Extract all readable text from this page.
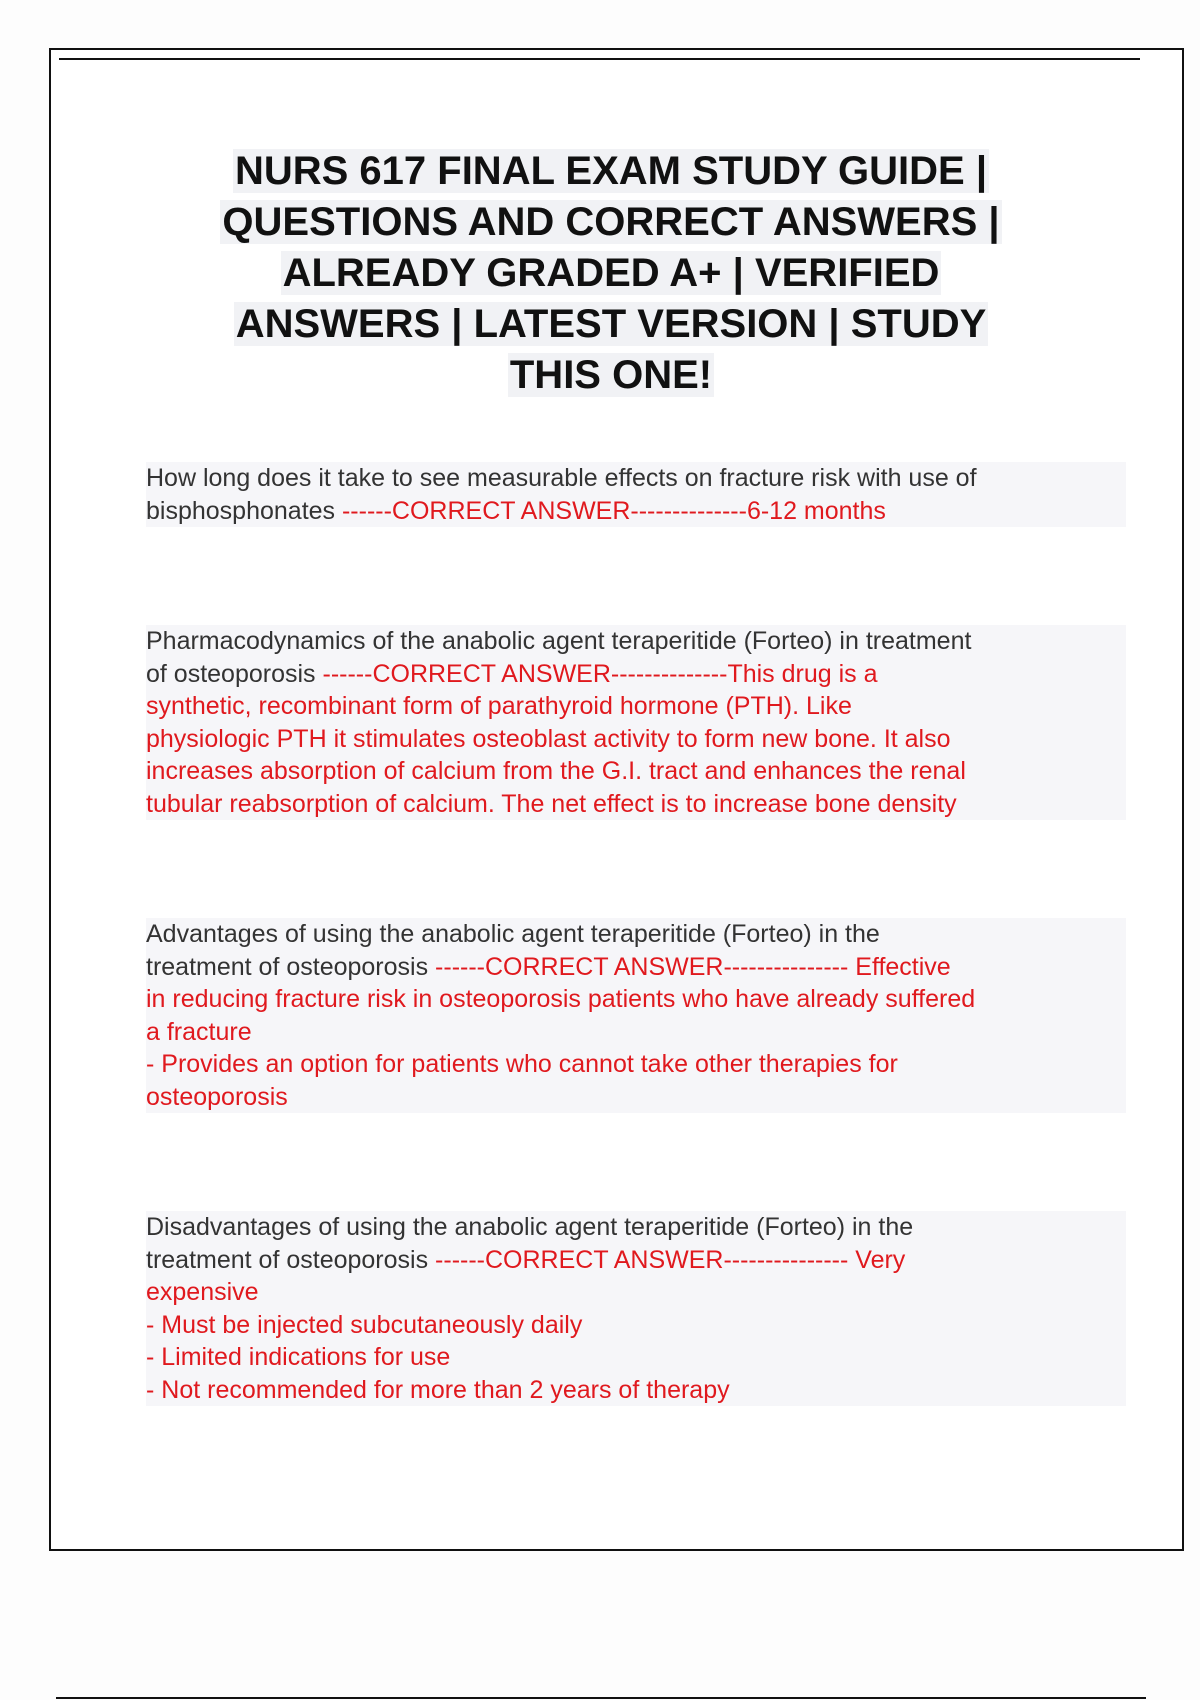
NURS 617 FINAL EXAM STUDY GUIDE |
QUESTIONS AND CORRECT ANSWERS |
ALREADY GRADED A+ | VERIFIED
ANSWERS | LATEST VERSION | STUDY
THIS ONE!

How long does it take to see measurable effects on fracture risk with use of
bisphosphonates ------CORRECT ANSWER--------------6-12 months

Pharmacodynamics of the anabolic agent teraperitide (Forteo) in treatment
of osteoporosis ------CORRECT ANSWER--------------This drug is a
synthetic, recombinant form of parathyroid hormone (PTH). Like
physiologic PTH it stimulates osteoblast activity to form new bone. It also
increases absorption of calcium from the G.I. tract and enhances the renal
tubular reabsorption of calcium. The net effect is to increase bone density

Advantages of using the anabolic agent teraperitide (Forteo) in the
treatment of osteoporosis ------CORRECT ANSWER--------------- Effective
in reducing fracture risk in osteoporosis patients who have already suffered
a fracture
- Provides an option for patients who cannot take other therapies for
osteoporosis

Disadvantages of using the anabolic agent teraperitide (Forteo) in the
treatment of osteoporosis ------CORRECT ANSWER--------------- Very
expensive
- Must be injected subcutaneously daily
- Limited indications for use
- Not recommended for more than 2 years of therapy
